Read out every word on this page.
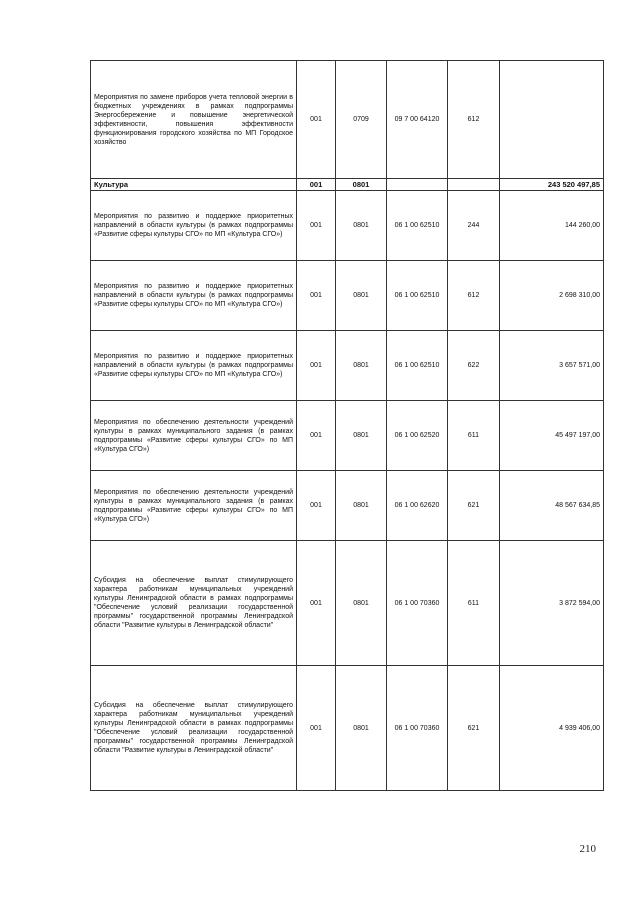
Мероприятия по замене приборов учета тепловой энергии в бюджетных учреждениях в рамках подпрограммы Энергосбережение и повышение энергетической эффективности, повышения эффективности функционирования городского хозяйства по МП Городское хозяйство	001	0709	09 7 00 64120	612	
Культура	001	0801			243 520 497,85
Мероприятия по развитию и поддержке приоритетных направлений в области культуры (в рамках подпрограммы «Развитие сферы культуры СГО» по МП «Культура СГО»)	001	0801	06 1 00 62510	244	144 260,00
Мероприятия по развитию и поддержке приоритетных направлений в области культуры (в рамках подпрограммы «Развитие сферы культуры СГО» по МП «Культура СГО»)	001	0801	06 1 00 62510	612	2 698 310,00
Мероприятия по развитию и поддержке приоритетных направлений в области культуры (в рамках подпрограммы «Развитие сферы культуры СГО» по МП «Культура СГО»)	001	0801	06 1 00 62510	622	3 657 571,00
Мероприятия по обеспечению деятельности учреждений культуры в рамках муниципального задания (в рамках подпрограммы «Развитие сферы культуры СГО» по МП «Культура СГО»)	001	0801	06 1 00 62520	611	45 497 197,00
Мероприятия по обеспечению деятельности учреждений культуры в рамках муниципального задания (в рамках подпрограммы «Развитие сферы культуры СГО» по МП «Культура СГО»)	001	0801	06 1 00 62620	621	48 567 634,85
Субсидия на обеспечение выплат стимулирующего характера работникам муниципальных учреждений культуры Ленинградской области в рамках подпрограммы "Обеспечение условий реализации государственной программы" государственной программы Ленинградской области "Развитие культуры в Ленинградской области"	001	0801	06 1 00 70360	611	3 872 594,00
Субсидия на обеспечение выплат стимулирующего характера работникам муниципальных учреждений культуры Ленинградской области в рамках подпрограммы "Обеспечение условий реализации государственной программы" государственной программы Ленинградской области "Развитие культуры в Ленинградской области"	001	0801	06 1 00 70360	621	4 939 406,00
210
